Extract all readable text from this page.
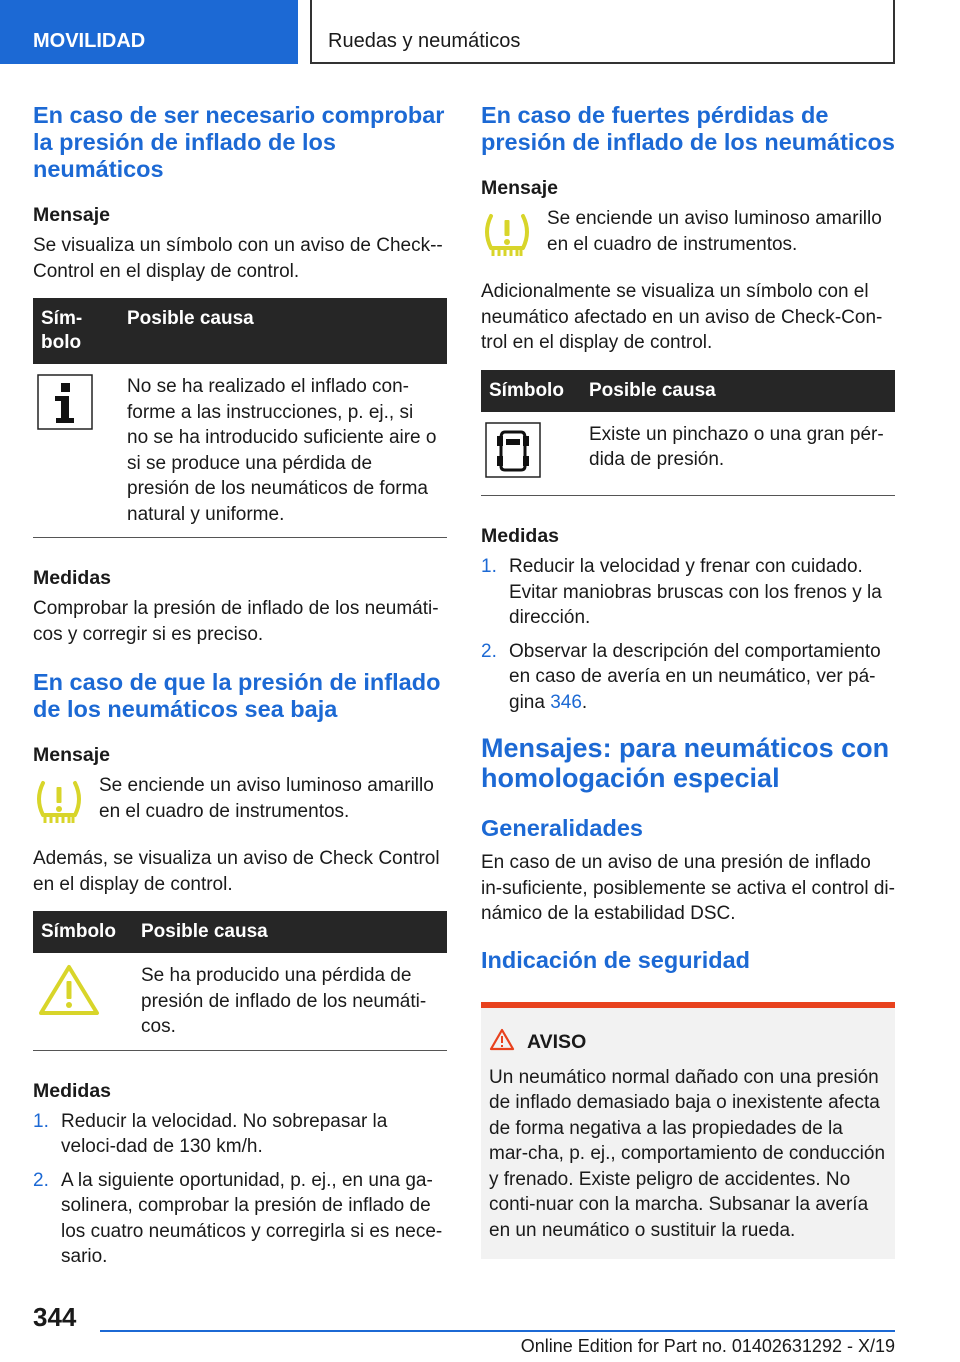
MOVILIDAD	Ruedas y neumáticos
En caso de ser necesario comprobar la presión de inflado de los neumáticos
Mensaje

Se visualiza un símbolo con un aviso de Check--Control en el display de control.

Sím-bolo	Posible causa
	No se ha realizado el inflado con-forme a las instrucciones, p. ej., si no se ha introducido suficiente aire o si se produce una pérdida de presión de los neumáticos de forma natural y uniforme.
Medidas

Comprobar la presión de inflado de los neumáti-cos y corregir si es preciso.

En caso de que la presión de inflado de los neumáticos sea baja
Mensaje
Se enciende un aviso luminoso amarillo en el cuadro de instrumentos.

Además, se visualiza un aviso de Check Control en el display de control.

Símbolo	Posible causa
	Se ha producido una pérdida de presión de inflado de los neumáti-cos.
Medidas
1. Reducir la velocidad. No sobrepasar la veloci-dad de 130 km/h.
2. A la siguiente oportunidad, p. ej., en una ga-solinera, comprobar la presión de inflado de los cuatro neumáticos y corregirla si es nece-sario.
En caso de fuertes pérdidas de presión de inflado de los neumáticos
Mensaje
Se enciende un aviso luminoso amarillo en el cuadro de instrumentos.

Adicionalmente se visualiza un símbolo con el neumático afectado en un aviso de Check-Con-trol en el display de control.

Símbolo	Posible causa
	Existe un pinchazo o una gran pér-dida de presión.
Medidas
1. Reducir la velocidad y frenar con cuidado. Evitar maniobras bruscas con los frenos y la dirección.
2. Observar la descripción del comportamiento en caso de avería en un neumático, ver pá-gina 346.
Mensajes: para neumáticos con homologación especial
Generalidades

En caso de un aviso de una presión de inflado in-suficiente, posiblemente se activa el control di-námico de la estabilidad DSC.

Indicación de seguridad
AVISO
Un neumático normal dañado con una presión de inflado demasiado baja o inexistente afecta de forma negativa a las propiedades de la mar-cha, p. ej., comportamiento de conducción y frenado. Existe peligro de accidentes. No conti-nuar con la marcha. Subsanar la avería en un neumático o sustituir la rueda.
344
Online Edition for Part no. 01402631292 - X/19
